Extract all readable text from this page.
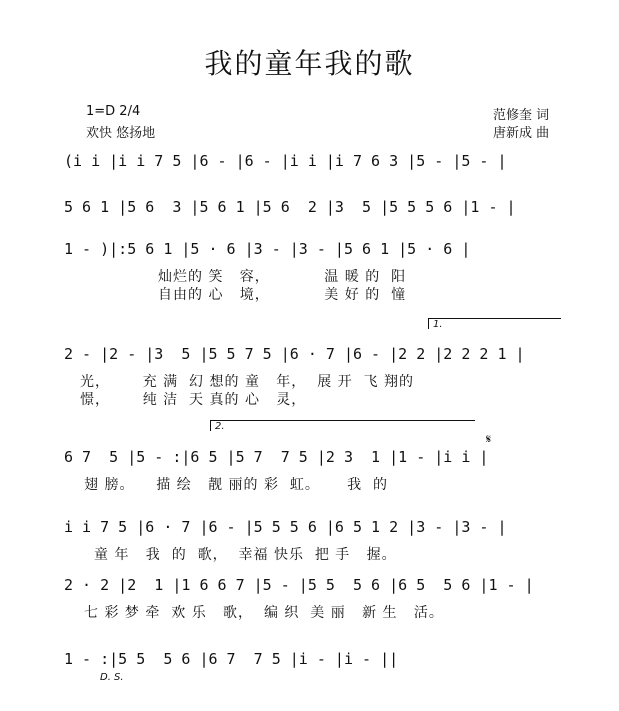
我的童年我的歌
1=D 2/4
欢快 悠扬地
范修奎 词
唐新成 曲
(i i |i i 7 5 |6 - |6 - |i i |i 7 6 3 |5 - |5 - |
5 6 1 |5 6  3 |5 6 1 |5 6  2 |3  5 |5 5 5 6 |1 - |
1 - )|:5 6 1 |5 · 6 |3 - |3 - |5 6 1 |5 · 6 |
灿烂的 笑   容，          温 暖 的  阳
自由的 心   境，          美 好 的  憧
1.
2 - |2 - |3  5 |5 5 7 5 |6 · 7 |6 - |2 2 |2 2 2 1 |
光，      充 满  幻 想的 童   年，  展 开  飞 翔的
憬，      纯 洁  天 真的 心   灵，
2.
𝄋
6 7  5 |5 - :|6 5 |5 7  7 5 |2 3  1 |1 - |i i |
翅 膀。    描 绘   靓 丽的 彩  虹。     我  的
i i 7 5 |6 · 7 |6 - |5 5 5 6 |6 5 1 2 |3 - |3 - |
童 年   我  的  歌，  幸福 快乐  把 手   握。
2 · 2 |2  1 |1 6 6 7 |5 - |5 5  5 6 |6 5  5 6 |1 - |
七 彩 梦 牵  欢 乐   歌，  编 织  美 丽   新 生   活。
1 - :|5 5  5 6 |6 7  7 5 |i - |i - ||
D. S.
